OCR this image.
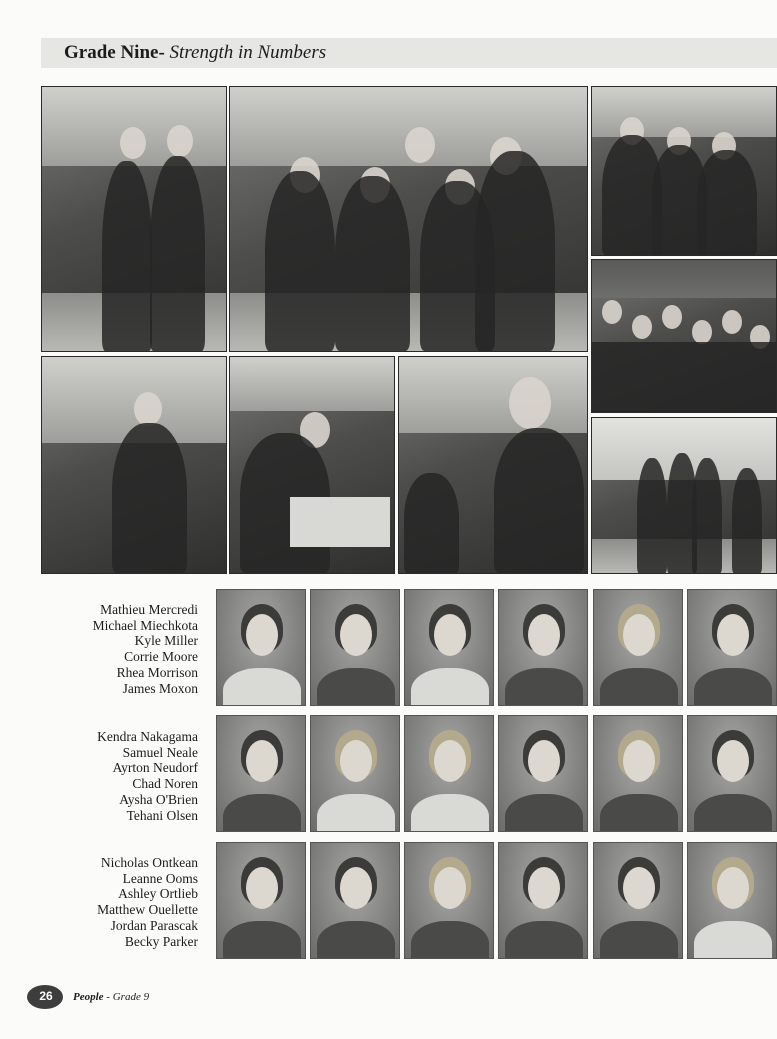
Grade Nine- Strength in Numbers
Mathieu Mercredi
Michael Miechkota
Kyle Miller
Corrie Moore
Rhea Morrison
James Moxon
Kendra Nakagama
Samuel Neale
Ayrton Neudorf
Chad Noren
Aysha O'Brien
Tehani Olsen
Nicholas Ontkean
Leanne Ooms
Ashley Ortlieb
Matthew Ouellette
Jordan Parascak
Becky Parker
26	People - Grade 9
